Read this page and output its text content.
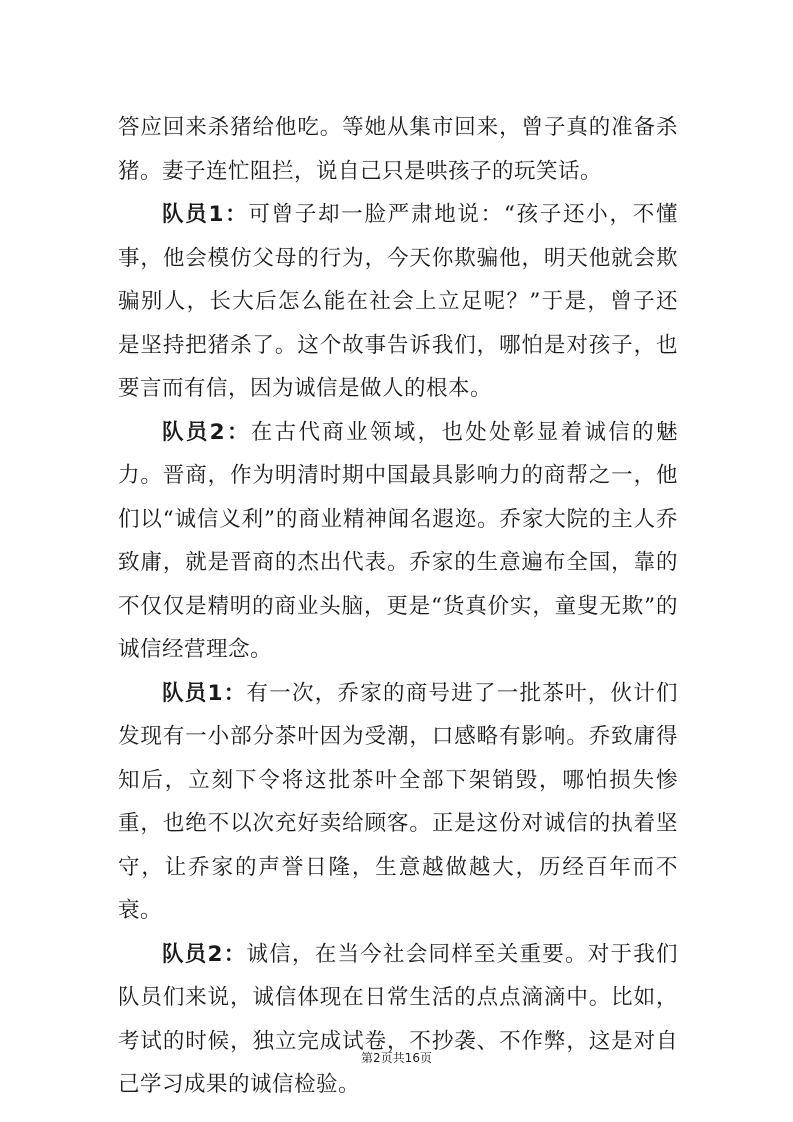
答应回来杀猪给他吃。等她从集市回来，曾子真的准备杀猪。妻子连忙阻拦，说自己只是哄孩子的玩笑话。

队员1：可曾子却一脸严肃地说：“孩子还小，不懂事，他会模仿父母的行为，今天你欺骗他，明天他就会欺骗别人，长大后怎么能在社会上立足呢？”于是，曾子还是坚持把猪杀了。这个故事告诉我们，哪怕是对孩子，也要言而有信，因为诚信是做人的根本。

队员2：在古代商业领域，也处处彰显着诚信的魅力。晋商，作为明清时期中国最具影响力的商帮之一，他们以“诚信义利”的商业精神闻名遐迩。乔家大院的主人乔致庸，就是晋商的杰出代表。乔家的生意遍布全国，靠的不仅仅是精明的商业头脑，更是“货真价实，童叟无欺”的诚信经营理念。

队员1：有一次，乔家的商号进了一批茶叶，伙计们发现有一小部分茶叶因为受潮，口感略有影响。乔致庸得知后，立刻下令将这批茶叶全部下架销毁，哪怕损失惨重，也绝不以次充好卖给顾客。正是这份对诚信的执着坚守，让乔家的声誉日隆，生意越做越大，历经百年而不衰。

队员2：诚信，在当今社会同样至关重要。对于我们队员们来说，诚信体现在日常生活的点点滴滴中。比如，考试的时候，独立完成试卷，不抄袭、不作弊，这是对自己学习成果的诚信检验。

第2页共16页
